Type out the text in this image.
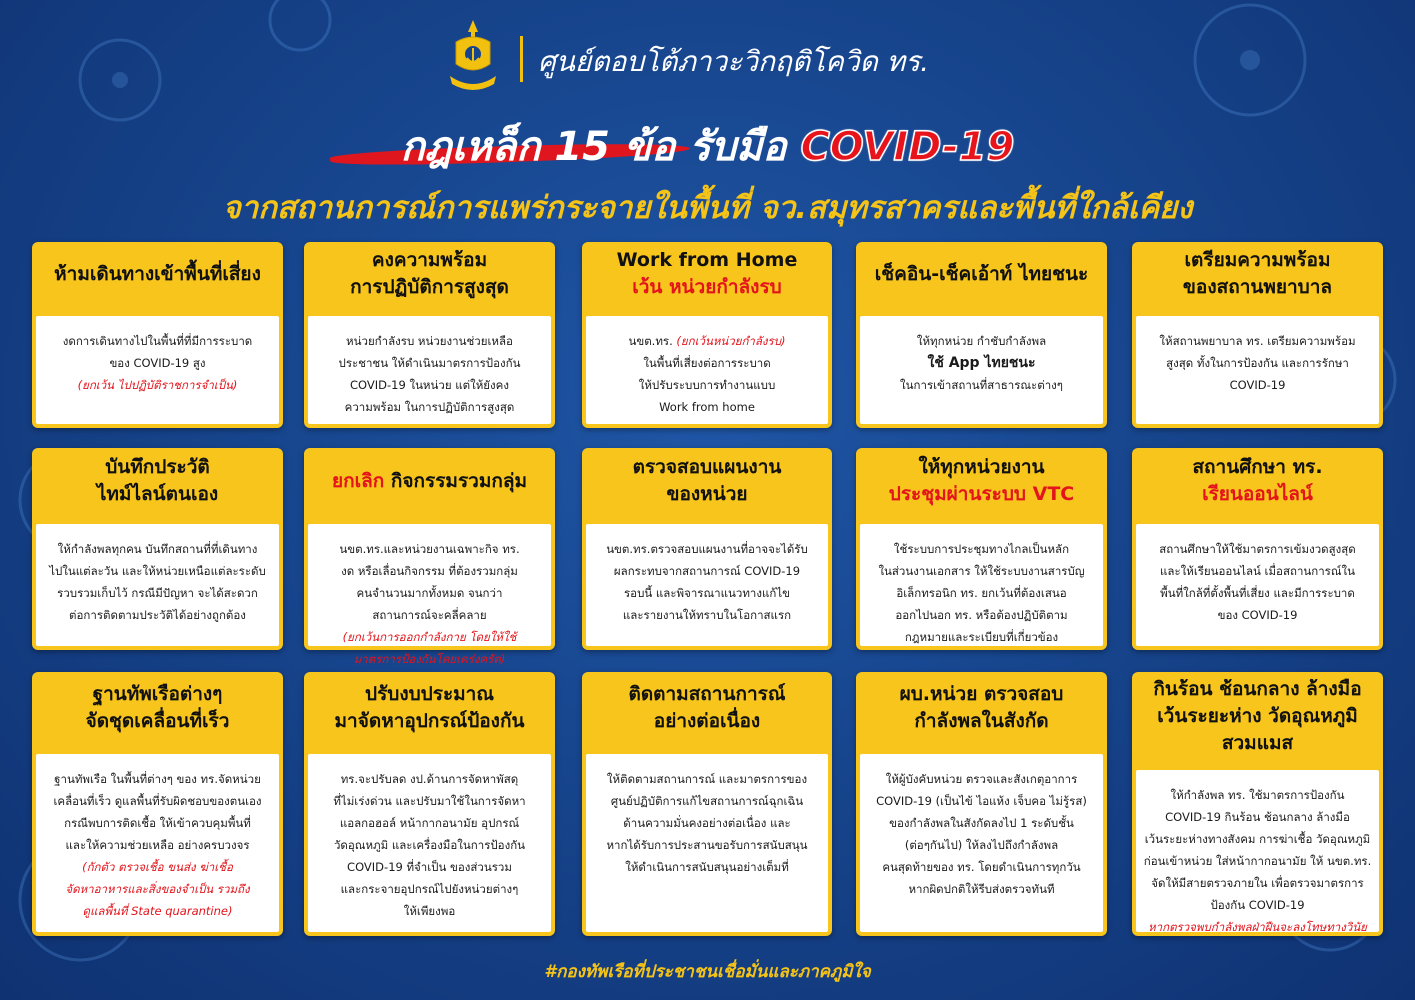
ศูนย์ตอบโต้ภาวะวิกฤติโควิด ทร.
กฎเหล็ก 15 ข้อ รับมือ COVID-19
จากสถานการณ์การแพร่กระจายในพื้นที่ จว.สมุทรสาครและพื้นที่ใกล้เคียง
ห้ามเดินทางเข้าพื้นที่เสี่ยง
งดการเดินทางไปในพื้นที่ที่มีการระบาด
ของ COVID-19 สูง
(ยกเว้น ไปปฏิบัติราชการจำเป็น)
คงความพร้อม
การปฏิบัติการสูงสุด
หน่วยกำลังรบ หน่วยงานช่วยเหลือ
ประชาชน ให้ดำเนินมาตรการป้องกัน
COVID-19 ในหน่วย แต่ให้ยังคง
ความพร้อม ในการปฏิบัติการสูงสุด
Work from Home
เว้น หน่วยกำลังรบ
นขต.ทร. (ยกเว้นหน่วยกำลังรบ)
ในพื้นที่เสี่ยงต่อการระบาด
ให้ปรับระบบการทำงานแบบ
Work from home
เช็คอิน-เช็คเอ้าท์ ไทยชนะ
ให้ทุกหน่วย กำชับกำลังพล
ใช้ App ไทยชนะ
ในการเข้าสถานที่สาธารณะต่างๆ
เตรียมความพร้อม
ของสถานพยาบาล
ให้สถานพยาบาล ทร. เตรียมความพร้อม
สูงสุด ทั้งในการป้องกัน และการรักษา
COVID-19
บันทึกประวัติ
ไทม์ไลน์ตนเอง
ให้กำลังพลทุกคน บันทึกสถานที่ที่เดินทาง
ไปในแต่ละวัน และให้หน่วยเหนือแต่ละระดับ
รวบรวมเก็บไว้ กรณีมีปัญหา จะได้สะดวก
ต่อการติดตามประวัติได้อย่างถูกต้อง
ยกเลิก กิจกรรมรวมกลุ่ม
นขต.ทร.และหน่วยงานเฉพาะกิจ ทร.
งด หรือเลื่อนกิจกรรม ที่ต้องรวมกลุ่ม
คนจำนวนมากทั้งหมด จนกว่า
สถานการณ์จะคลี่คลาย
(ยกเว้นการออกกำลังกาย โดยให้ใช้
มาตรการป้องกันโดยเคร่งครัด)
ตรวจสอบแผนงาน
ของหน่วย
นขต.ทร.ตรวจสอบแผนงานที่อาจจะได้รับ
ผลกระทบจากสถานการณ์ COVID-19
รอบนี้ และพิจารณาแนวทางแก้ไข
และรายงานให้ทราบในโอกาสแรก
ให้ทุกหน่วยงาน
ประชุมผ่านระบบ VTC
ใช้ระบบการประชุมทางไกลเป็นหลัก
ในส่วนงานเอกสาร ให้ใช้ระบบงานสารบัญ
อิเล็กทรอนิก ทร. ยกเว้นที่ต้องเสนอ
ออกไปนอก ทร. หรือต้องปฏิบัติตาม
กฎหมายและระเบียบที่เกี่ยวข้อง
สถานศึกษา ทร.
เรียนออนไลน์
สถานศึกษาให้ใช้มาตรการเข้มงวดสูงสุด
และให้เรียนออนไลน์ เมื่อสถานการณ์ใน
พื้นที่ใกล้ที่ตั้งพื้นที่เสี่ยง และมีการระบาด
ของ COVID-19
ฐานทัพเรือต่างๆ
จัดชุดเคลื่อนที่เร็ว
ฐานทัพเรือ ในพื้นที่ต่างๆ ของ ทร.จัดหน่วย
เคลื่อนที่เร็ว ดูแลพื้นที่รับผิดชอบของตนเอง
กรณีพบการติดเชื้อ ให้เข้าควบคุมพื้นที่
และให้ความช่วยเหลือ อย่างครบวงจร
(กักตัว ตรวจเชื้อ ขนส่ง ฆ่าเชื้อ
จัดหาอาหารและสิ่งของจำเป็น รวมถึง
ดูแลพื้นที่ State quarantine)
ปรับงบประมาณ
มาจัดหาอุปกรณ์ป้องกัน
ทร.จะปรับลด งป.ด้านการจัดหาพัสดุ
ที่ไม่เร่งด่วน และปรับมาใช้ในการจัดหา
แอลกอฮอล์ หน้ากากอนามัย อุปกรณ์
วัดอุณหภูมิ และเครื่องมือในการป้องกัน
COVID-19 ที่จำเป็น ของส่วนรวม
และกระจายอุปกรณ์ไปยังหน่วยต่างๆ
ให้เพียงพอ
ติดตามสถานการณ์
อย่างต่อเนื่อง
ให้ติดตามสถานการณ์ และมาตรการของ
ศูนย์ปฏิบัติการแก้ไขสถานการณ์ฉุกเฉิน
ด้านความมั่นคงอย่างต่อเนื่อง และ
หากได้รับการประสานขอรับการสนับสนุน
ให้ดำเนินการสนับสนุนอย่างเต็มที่
ผบ.หน่วย ตรวจสอบ
กำลังพลในสังกัด
ให้ผู้บังคับหน่วย ตรวจและสังเกตุอาการ
COVID-19 (เป็นไข้ ไอแห้ง เจ็บคอ ไม่รู้รส)
ของกำลังพลในสังกัดลงไป 1 ระดับชั้น
(ต่อๆกันไป) ให้ลงไปถึงกำลังพล
คนสุดท้ายของ ทร. โดยดำเนินการทุกวัน
หากผิดปกติให้รีบส่งตรวจทันที
กินร้อน ช้อนกลาง ล้างมือ
เว้นระยะห่าง วัดอุณหภูมิ
สวมแมส
ให้กำลังพล ทร. ใช้มาตรการป้องกัน
COVID-19 กินร้อน ช้อนกลาง ล้างมือ
เว้นระยะห่างทางสังคม การฆ่าเชื้อ วัดอุณหภูมิ
ก่อนเข้าหน่วย ใส่หน้ากากอนามัย ให้ นขต.ทร.
จัดให้มีสายตรวจภายใน เพื่อตรวจมาตรการ
ป้องกัน COVID-19
หากตรวจพบกำลังพลฝ่าฝืนจะลงโทษทางวินัย
#กองทัพเรือที่ประชาชนเชื่อมั่นและภาคภูมิใจ
